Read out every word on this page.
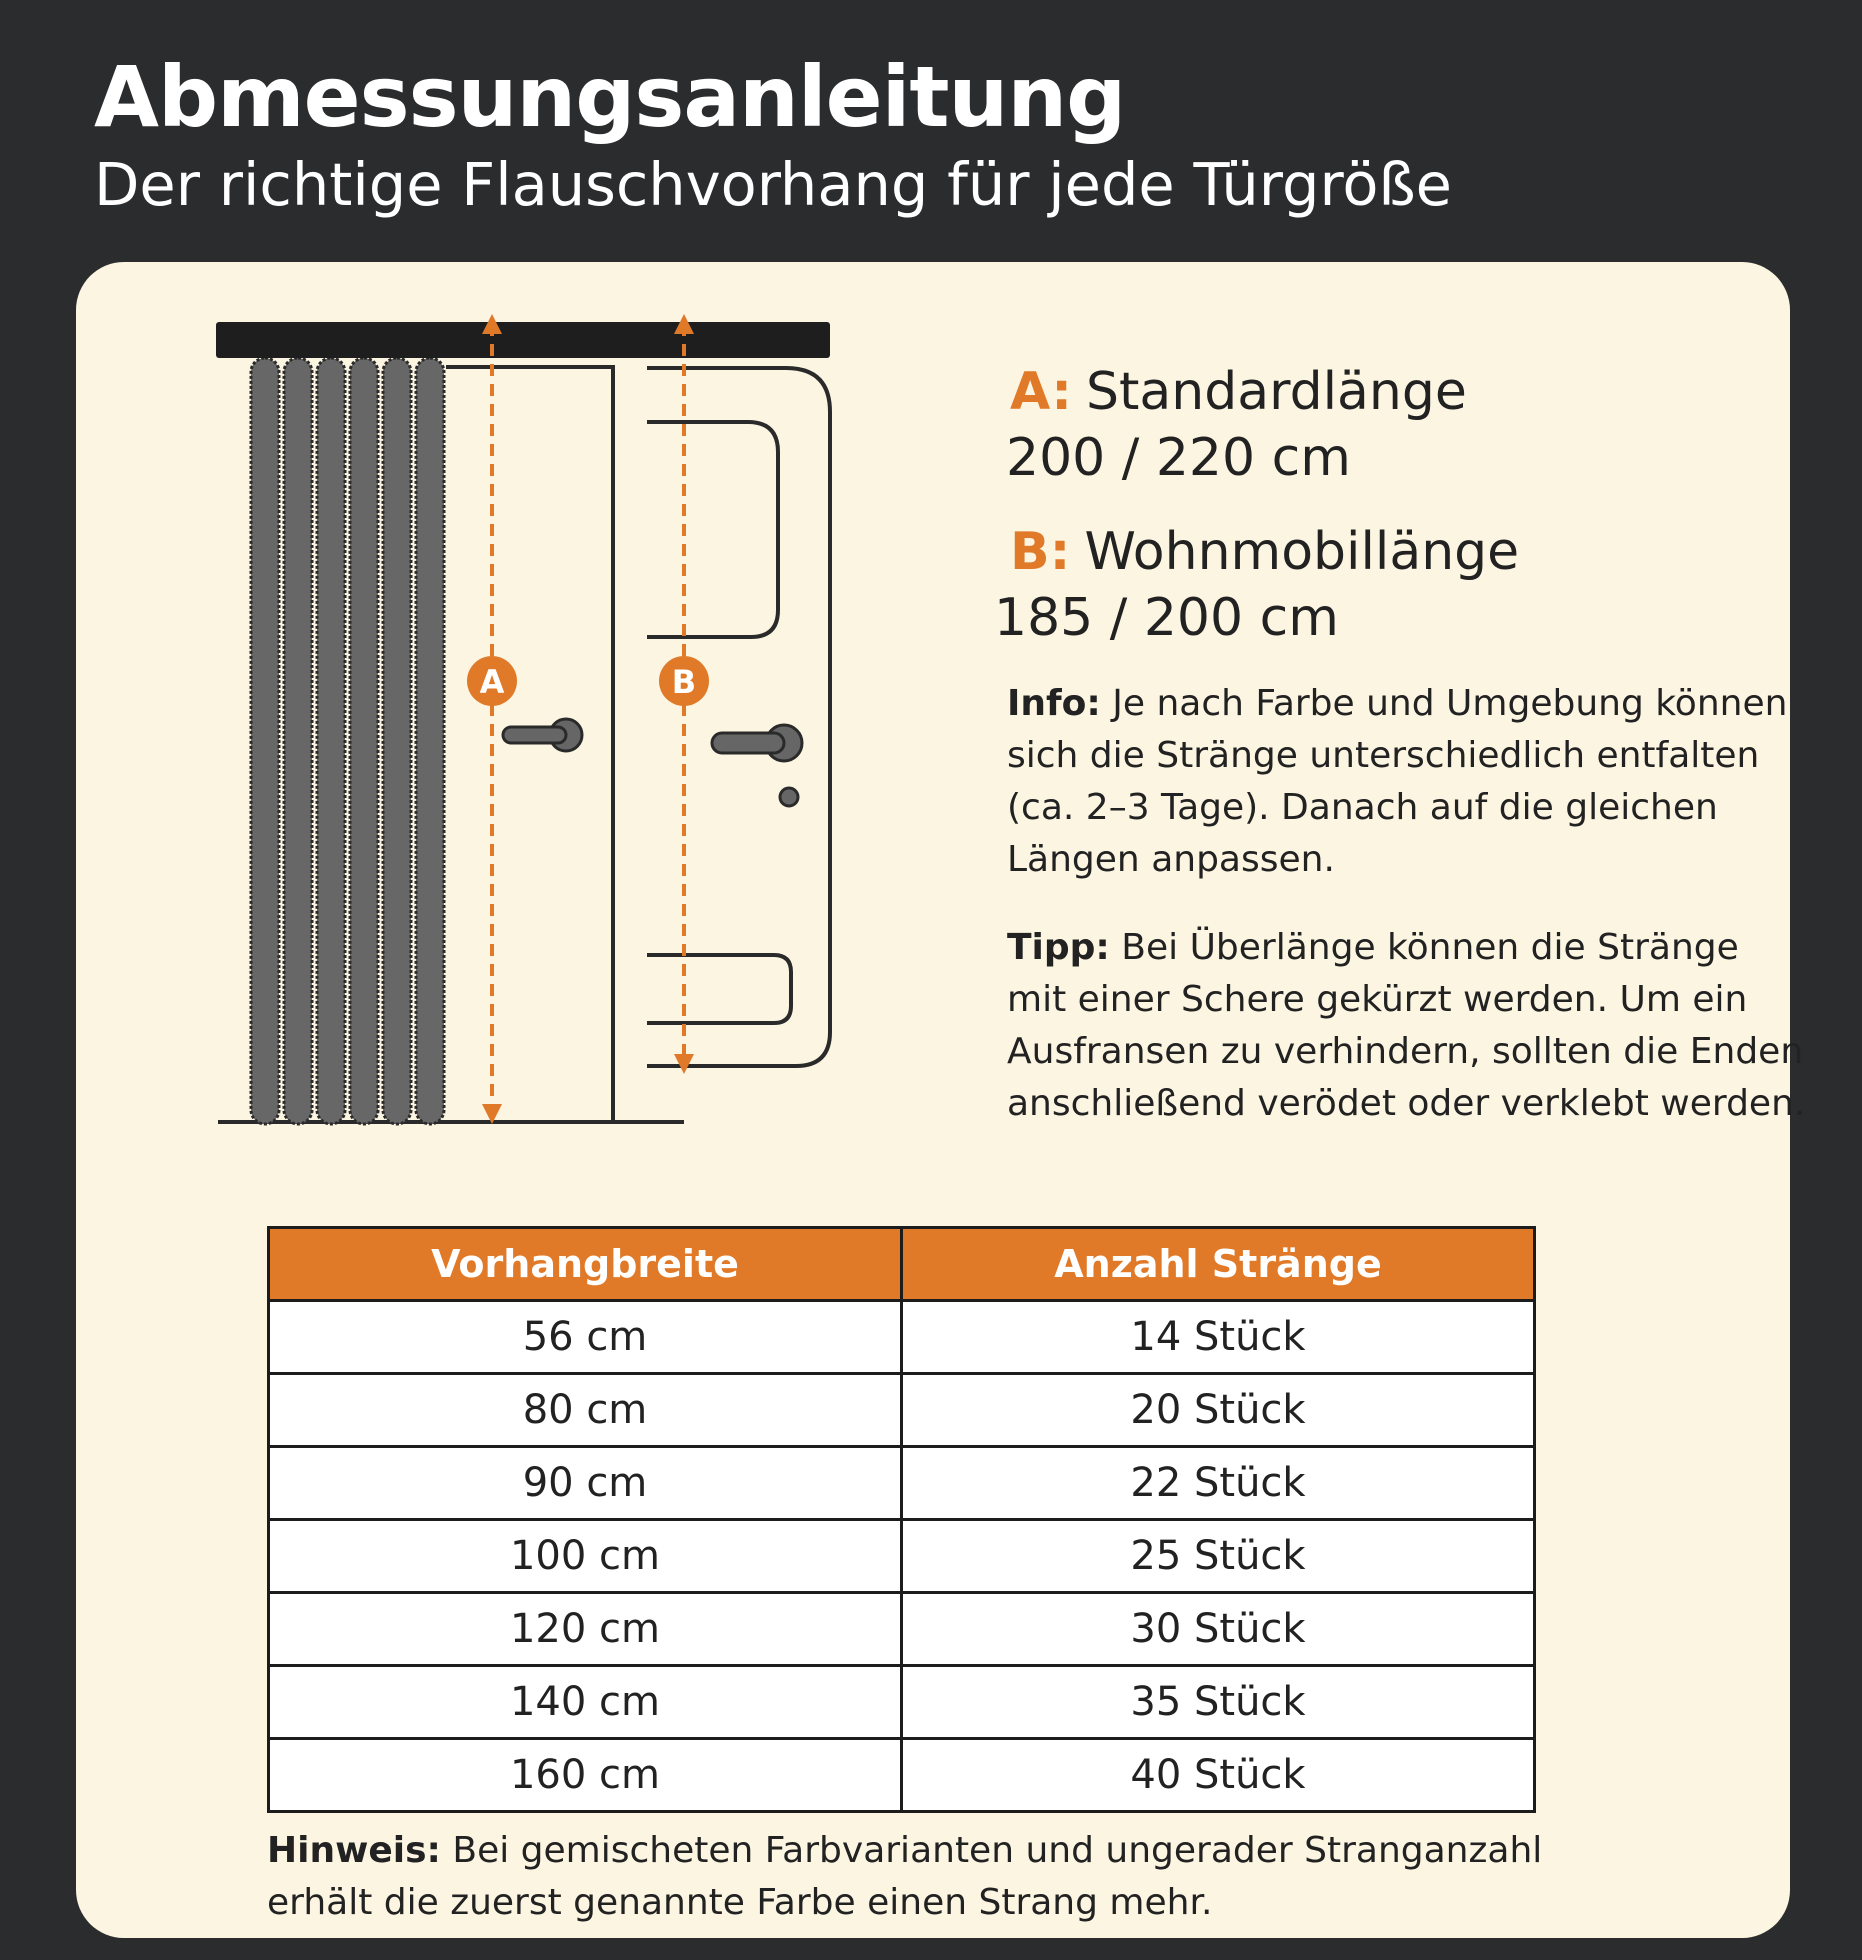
Abmessungsanleitung
Der richtige Flauschvorhang für jede Türgröße
A	B
A: Standardlänge
200 / 220 cm
B: Wohnmobillänge
185 / 200 cm
Info: Je nach Farbe und Umgebung können sich die Stränge unterschiedlich entfalten (ca. 2–3 Tage). Danach auf die gleichen Längen anpassen.
Tipp: Bei Überlänge können die Stränge mit einer Schere gekürzt werden. Um ein Ausfransen zu verhindern, sollten die Enden anschließend verödet oder verklebt werden.
Vorhangbreite	Anzahl Stränge
56 cm	14 Stück
80 cm	20 Stück
90 cm	22 Stück
100 cm	25 Stück
120 cm	30 Stück
140 cm	35 Stück
160 cm	40 Stück
Hinweis: Bei gemischeten Farbvarianten und ungerader Stranganzahl erhält die zuerst genannte Farbe einen Strang mehr.
